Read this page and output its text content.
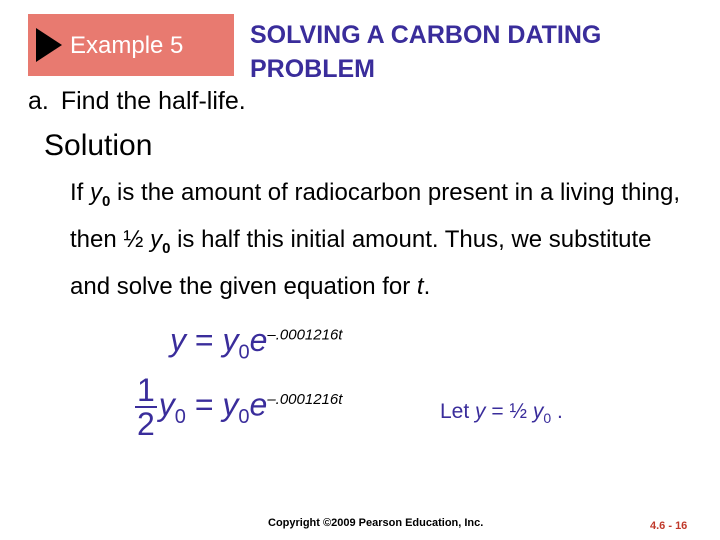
Example 5	SOLVING A CARBON DATING
PROBLEM
a. Find the half-life.
Solution
If $y_0$ is the amount of radiocarbon present in a living thing, then ½ $y_0$ is half this initial amount. Thus, we substitute and solve the given equation for t.
$y = y_0e^{-.0001216t}$
$\frac{1}{2} y_0 = y_0e^{-.0001216t}$
Let y = ½ $y_0$ .
Copyright ©2009 Pearson Education, Inc.	4.6 - 16
